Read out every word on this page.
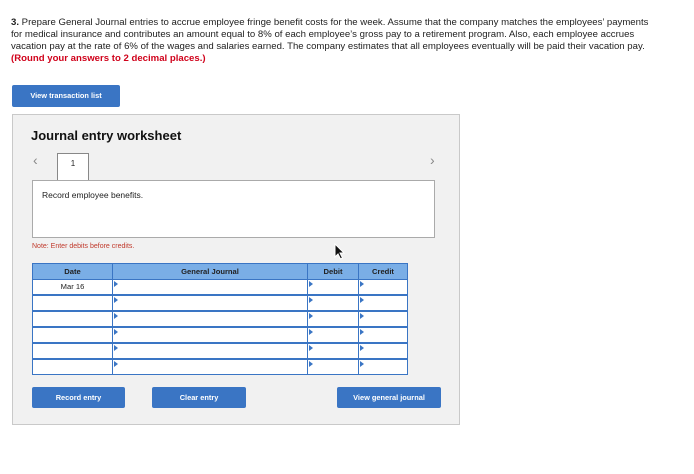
3. Prepare General Journal entries to accrue employee fringe benefit costs for the week. Assume that the company matches the employees’ payments for medical insurance and contributes an amount equal to 8% of each employee’s gross pay to a retirement program. Also, each employee accrues vacation pay at the rate of 6% of the wages and salaries earned. The company estimates that all employees eventually will be paid their vacation pay. (Round your answers to 2 decimal places.)
View transaction list
Journal entry worksheet
‹	1	›
Record employee benefits.
Note: Enter debits before credits.
Date	General Journal	Debit	Credit
Mar 16
Record entry	Clear entry	View general journal
